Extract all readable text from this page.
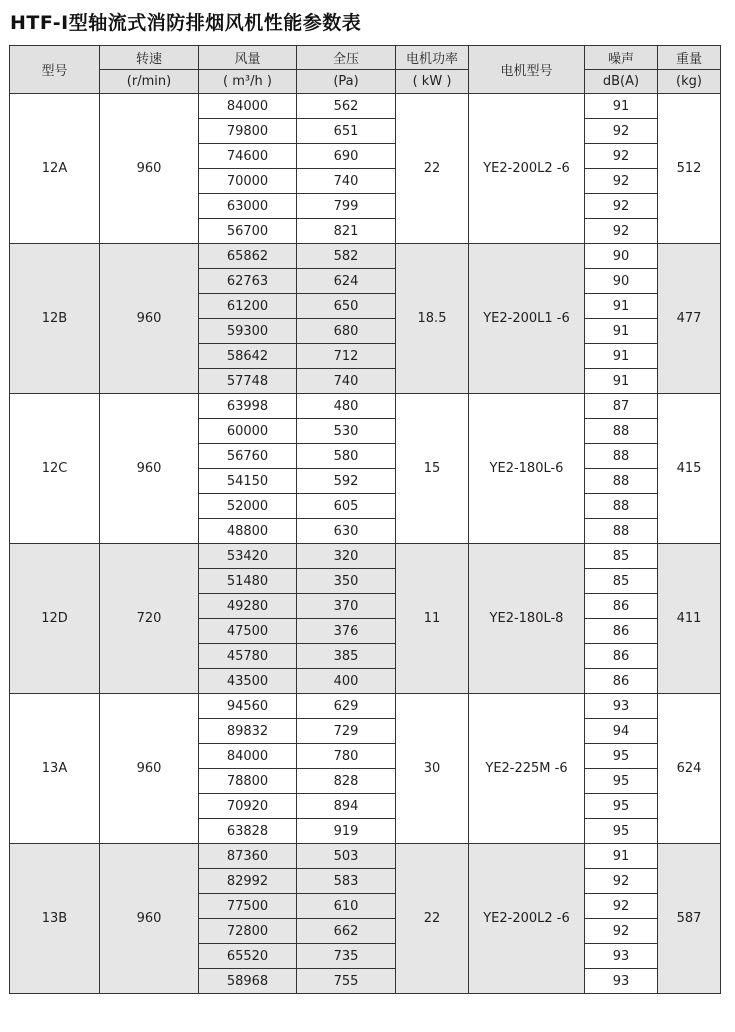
HTF-Ⅰ型轴流式消防排烟风机性能参数表
型号	转速	风量	全压	电机功率	电机型号	噪声	重量
	(r/min)	( m³/h )	(Pa)	( kW )		dB(A)	(kg)
12A	960	84000	562	22	YE2-200L2 -6	91	512
		79800	651			92	
		74600	690			92	
		70000	740			92	
		63000	799			92	
		56700	821			92	
12B	960	65862	582	18.5	YE2-200L1 -6	90	477
		62763	624			90	
		61200	650			91	
		59300	680			91	
		58642	712			91	
		57748	740			91	
12C	960	63998	480	15	YE2-180L-6	87	415
		60000	530			88	
		56760	580			88	
		54150	592			88	
		52000	605			88	
		48800	630			88	
12D	720	53420	320	11	YE2-180L-8	85	411
		51480	350			85	
		49280	370			86	
		47500	376			86	
		45780	385			86	
		43500	400			86	
13A	960	94560	629	30	YE2-225M -6	93	624
		89832	729			94	
		84000	780			95	
		78800	828			95	
		70920	894			95	
		63828	919			95	
13B	960	87360	503	22	YE2-200L2 -6	91	587
		82992	583			92	
		77500	610			92	
		72800	662			92	
		65520	735			93	
		58968	755			93	
